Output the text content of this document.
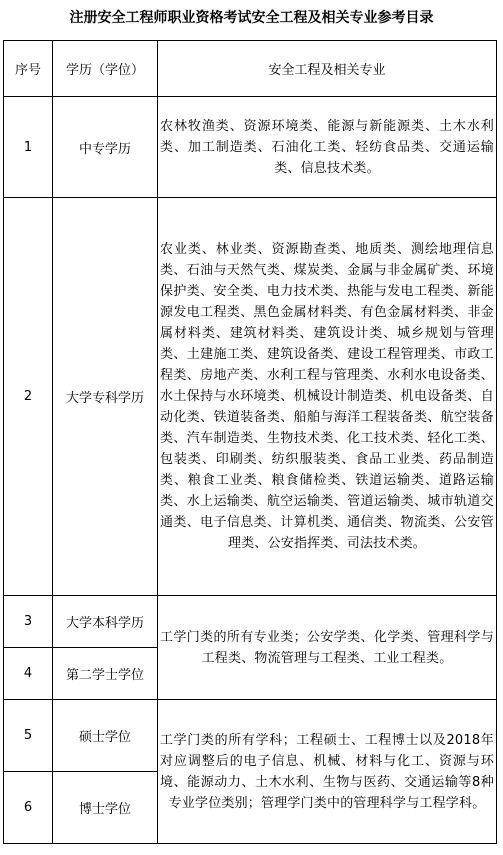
注册安全工程师职业资格考试安全工程及相关专业参考目录
序号	学历（学位）	安全工程及相关专业
1	中专学历	农林牧渔类、资源环境类、能源与新能源类、土木水利类、加工制造类、石油化工类、轻纺食品类、交通运输类、信息技术类。
2	大学专科学历	农业类、林业类、资源勘查类、地质类、测绘地理信息类、石油与天然气类、煤炭类、金属与非金属矿类、环境保护类、安全类、电力技术类、热能与发电工程类、新能源发电工程类、黑色金属材料类、有色金属材料类、非金属材料类、建筑材料类、建筑设计类、城乡规划与管理类、土建施工类、建筑设备类、建设工程管理类、市政工程类、房地产类、水利工程与管理类、水利水电设备类、水土保持与水环境类、机械设计制造类、机电设备类、自动化类、铁道装备类、船舶与海洋工程装备类、航空装备类、汽车制造类、生物技术类、化工技术类、轻化工类、包装类、印刷类、纺织服装类、食品工业类、药品制造类、粮食工业类、粮食储检类、铁道运输类、道路运输类、水上运输类、航空运输类、管道运输类、城市轨道交通类、电子信息类、计算机类、通信类、物流类、公安管理类、公安指挥类、司法技术类。
3	大学本科学历	工学门类的所有专业类；公安学类、化学类、管理科学与工程类、物流管理与工程类、工业工程类。
4	第二学士学位	
5	硕士学位	工学门类的所有学科；工程硕士、工程博士以及2018年对应调整后的电子信息、机械、材料与化工、资源与环境、能源动力、土木水利、生物与医药、交通运输等8种专业学位类别；管理学门类中的管理科学与工程学科。
6	博士学位	
